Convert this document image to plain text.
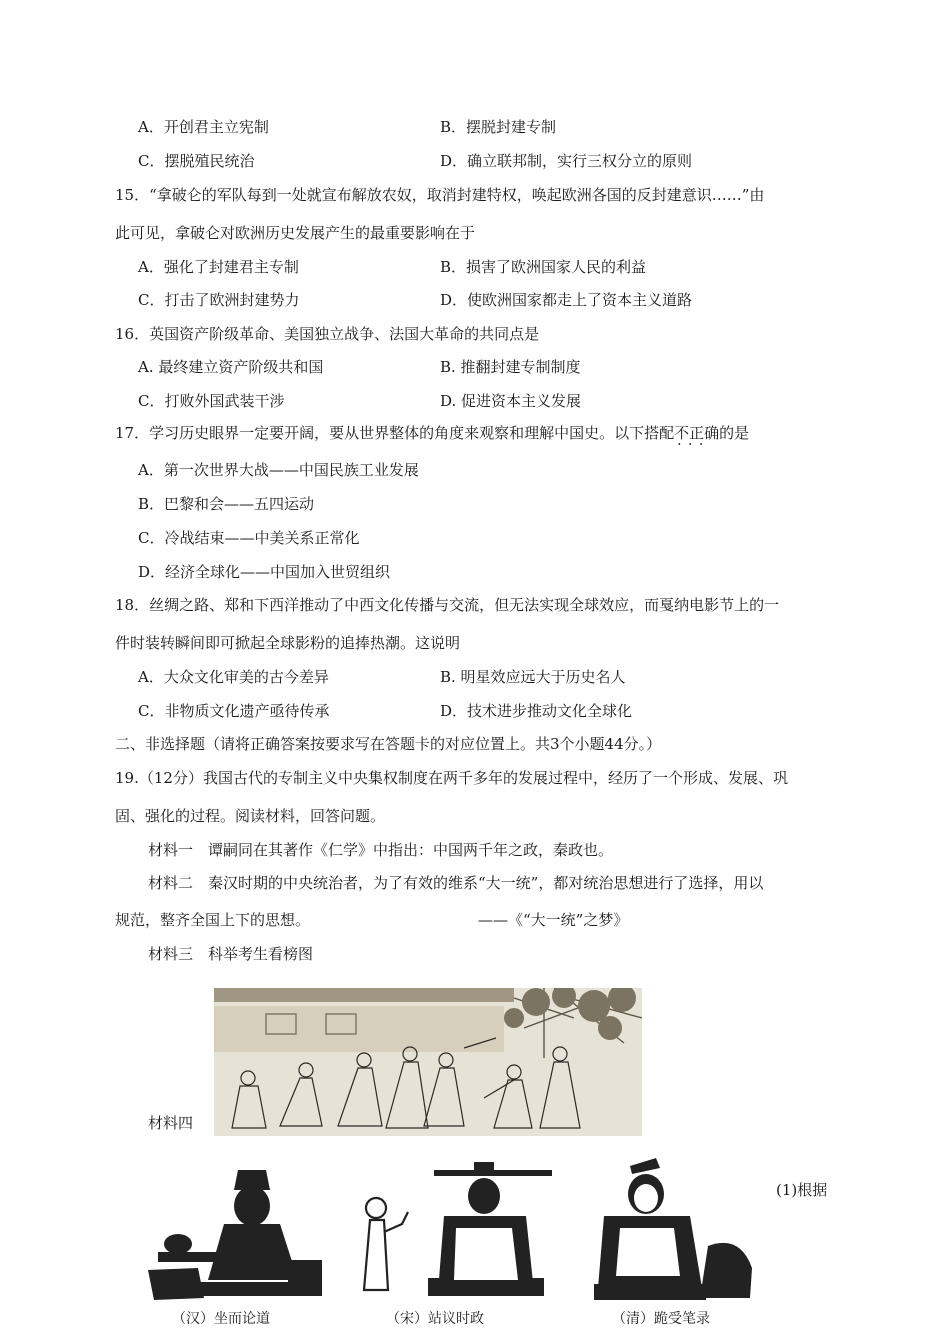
A．开创君主立宪制	B．摆脱封建专制
C．摆脱殖民统治	D．确立联邦制，实行三权分立的原则
15．“拿破仑的军队每到一处就宣布解放农奴，取消封建特权，唤起欧洲各国的反封建意识……”由
此可见，拿破仑对欧洲历史发展产生的最重要影响在于
A．强化了封建君主专制	B．损害了欧洲国家人民的利益
C．打击了欧洲封建势力	D．使欧洲国家都走上了资本主义道路
16．英国资产阶级革命、美国独立战争、法国大革命的共同点是
A. 最终建立资产阶级共和国	B. 推翻封建专制制度
C．打败外国武装干涉	D. 促进资本主义发展
17．学习历史眼界一定要开阔，要从世界整体的角度来观察和理解中国史。以下搭配不正确 · · ·的是
A．第一次世界大战——中国民族工业发展
B．巴黎和会——五四运动
C．冷战结束——中美关系正常化
D．经济全球化——中国加入世贸组织
18．丝绸之路、郑和下西洋推动了中西文化传播与交流，但无法实现全球效应，而戛纳电影节上的一
件时装转瞬间即可掀起全球影粉的追捧热潮。这说明
A．大众文化审美的古今差异	B. 明星效应远大于历史名人
C．非物质文化遗产亟待传承	D．技术进步推动文化全球化
二、非选择题（请将正确答案按要求写在答题卡的对应位置上。共3个小题44分。）
19.（12分）我国古代的专制主义中央集权制度在两千多年的发展过程中，经历了一个形成、发展、巩
固、强化的过程。阅读材料，回答问题。
材料一　谭嗣同在其著作《仁学》中指出：中国两千年之政，秦政也。
材料二　秦汉时期的中央统治者，为了有效的维系“大一统”，都对统治思想进行了选择，用以
规范，整齐全国上下的思想。	——《“大一统”之梦》
材料三　科举考生看榜图
材料四
（汉）坐而论道	（宋）站议时政	（清）跪受笔录
(1)根据
